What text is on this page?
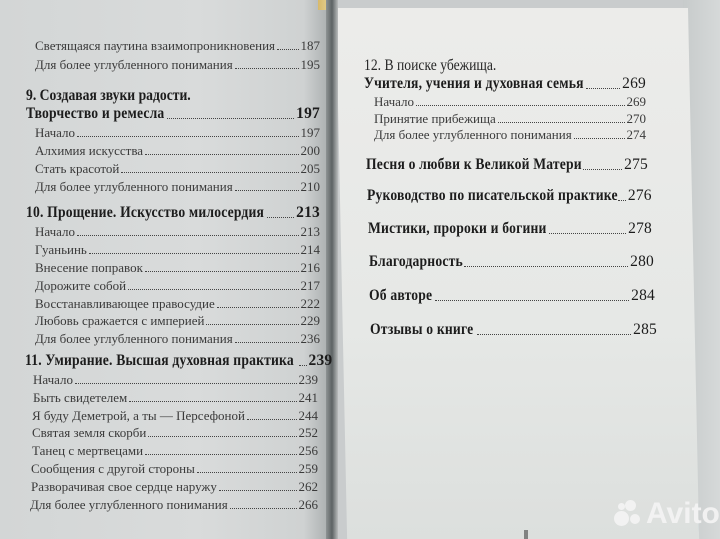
Светящаяся паутина взаимопроникновения 187
Для более углубленного понимания	195
9. Создавая звуки радости.
Творчество и ремесла	197
Начало	197
Алхимия искусства	200
Стать красотой	205
Для более углубленного понимания	210
10. Прощение. Искусство милосердия 213
Начало	213
Гуаньинь	214
Внесение поправок	216
Дорожите собой	217
Восстанавливающее правосудие	222
Любовь сражается с империей	229
Для более углубленного понимания	236
11. Умирание. Высшая духовная практика 239
Начало	239
Быть свидетелем	241
Я буду Деметрой, а ты — Персефоной	244
Святая земля скорби	252
Танец с мертвецами	256
Сообщения с другой стороны	259
Разворачивая свое сердце наружу	262
Для более углубленного понимания	266
12. В поиске убежища.
Учителя, учения и духовная семья 269
Начало	269
Принятие прибежища	270
Для более углубленного понимания	274
Песня о любви к Великой Матери	275
Руководство по писательской практике 276
Мистики, пророки и богини	278
Благодарность	280
Об авторе	284
Отзывы о книге	285
Avito
